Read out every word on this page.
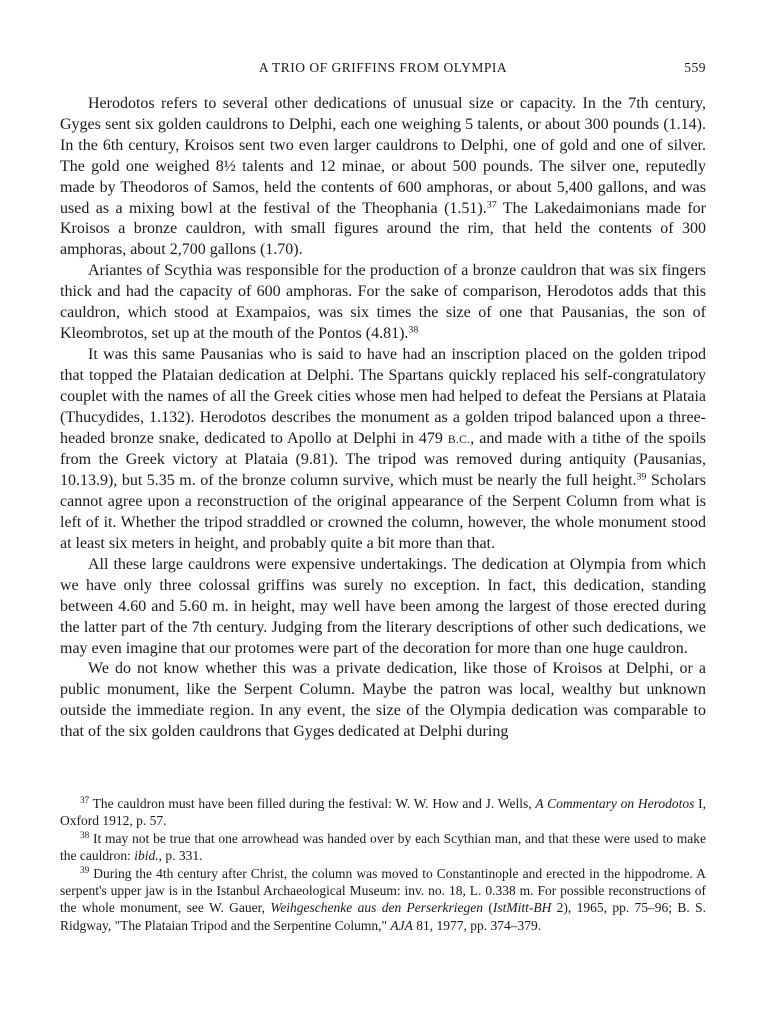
A TRIO OF GRIFFINS FROM OLYMPIA	559

Herodotos refers to several other dedications of unusual size or capacity. In the 7th century, Gyges sent six golden cauldrons to Delphi, each one weighing 5 talents, or about 300 pounds (1.14). In the 6th century, Kroisos sent two even larger cauldrons to Delphi, one of gold and one of silver. The gold one weighed 8½ talents and 12 minae, or about 500 pounds. The silver one, reputedly made by Theodoros of Samos, held the contents of 600 amphoras, or about 5,400 gallons, and was used as a mixing bowl at the festival of the Theophania (1.51).$^{37}$ The Lakedaimonians made for Kroisos a bronze cauldron, with small figures around the rim, that held the contents of 300 amphoras, about 2,700 gallons (1.70).

Ariantes of Scythia was responsible for the production of a bronze cauldron that was six fingers thick and had the capacity of 600 amphoras. For the sake of comparison, Herodotos adds that this cauldron, which stood at Exampaios, was six times the size of one that Pausanias, the son of Kleombrotos, set up at the mouth of the Pontos (4.81).$^{38}$

It was this same Pausanias who is said to have had an inscription placed on the golden tripod that topped the Plataian dedication at Delphi. The Spartans quickly replaced his self-congratulatory couplet with the names of all the Greek cities whose men had helped to defeat the Persians at Plataia (Thucydides, 1.132). Herodotos describes the monument as a golden tripod balanced upon a three-headed bronze snake, dedicated to Apollo at Delphi in 479 B.C., and made with a tithe of the spoils from the Greek victory at Plataia (9.81). The tripod was removed during antiquity (Pausanias, 10.13.9), but 5.35 m. of the bronze column survive, which must be nearly the full height.$^{39}$ Scholars cannot agree upon a reconstruction of the original appearance of the Serpent Column from what is left of it. Whether the tripod straddled or crowned the column, however, the whole monument stood at least six meters in height, and probably quite a bit more than that.

All these large cauldrons were expensive undertakings. The dedication at Olympia from which we have only three colossal griffins was surely no exception. In fact, this dedication, standing between 4.60 and 5.60 m. in height, may well have been among the largest of those erected during the latter part of the 7th century. Judging from the literary descriptions of other such dedications, we may even imagine that our protomes were part of the decoration for more than one huge cauldron.

We do not know whether this was a private dedication, like those of Kroisos at Delphi, or a public monument, like the Serpent Column. Maybe the patron was local, wealthy but unknown outside the immediate region. In any event, the size of the Olympia dedication was comparable to that of the six golden cauldrons that Gyges dedicated at Delphi during

$^{37}$ The cauldron must have been filled during the festival: W. W. How and J. Wells, A Commentary on Herodotos I, Oxford 1912, p. 57.

$^{38}$ It may not be true that one arrowhead was handed over by each Scythian man, and that these were used to make the cauldron: ibid., p. 331.

$^{39}$ During the 4th century after Christ, the column was moved to Constantinople and erected in the hippodrome. A serpent's upper jaw is in the Istanbul Archaeological Museum: inv. no. 18, L. 0.338 m. For possible reconstructions of the whole monument, see W. Gauer, Weihgeschenke aus den Perserkriegen (IstMitt-BH 2), 1965, pp. 75–96; B. S. Ridgway, "The Plataian Tripod and the Serpentine Column," AJA 81, 1977, pp. 374–379.
